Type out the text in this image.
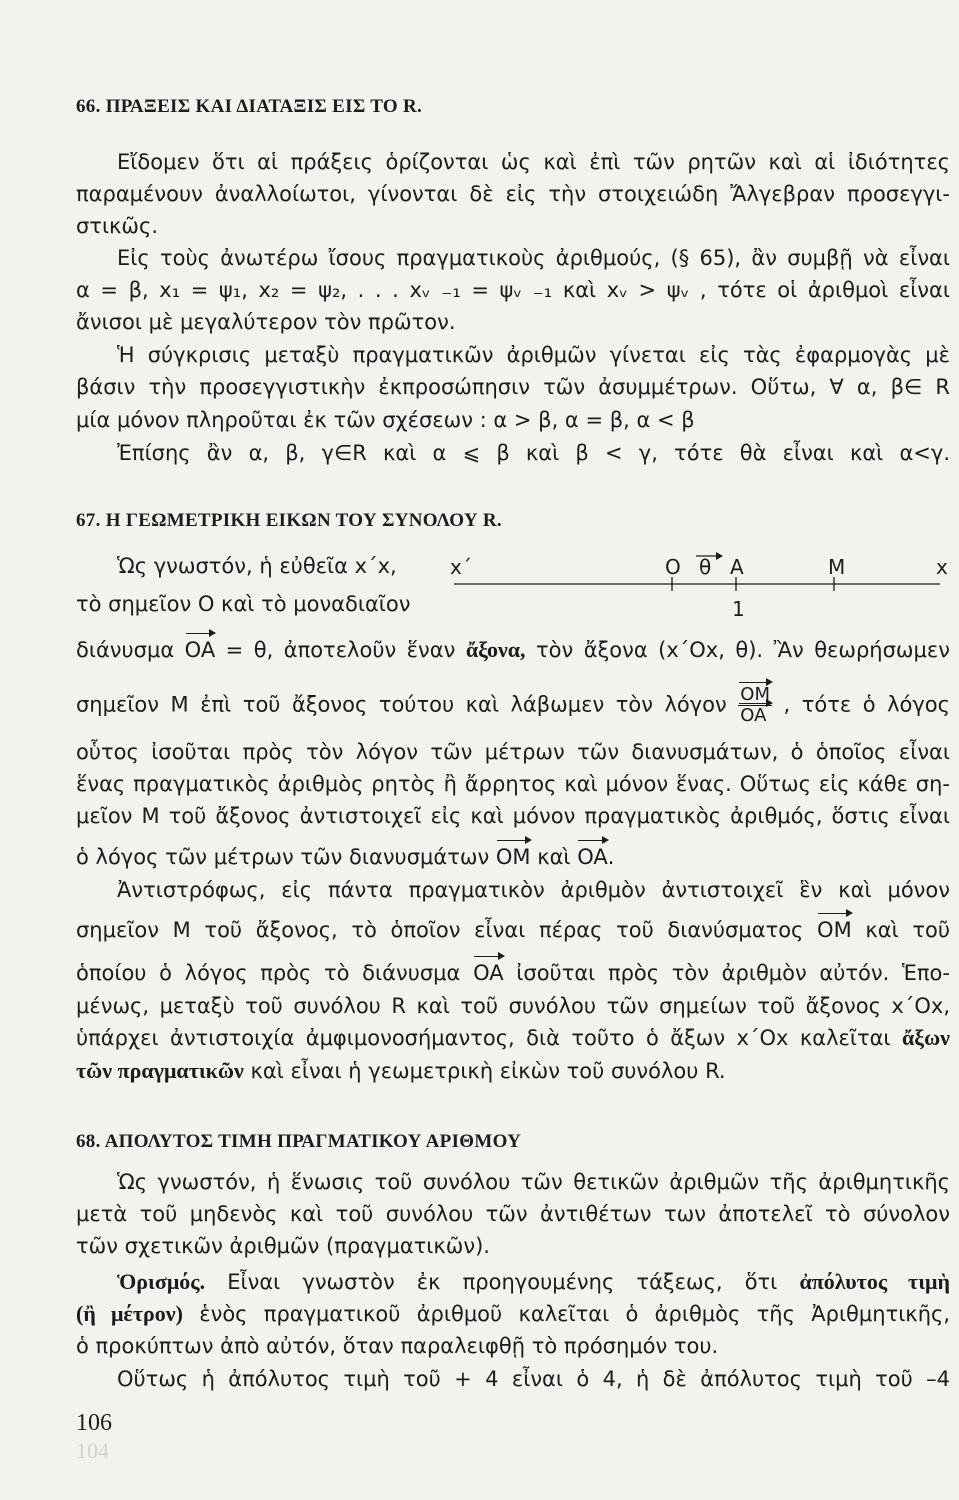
66. ΠΡΑΞΕΙΣ ΚΑΙ ΔΙΑΤΑΞΙΣ ΕΙΣ ΤΟ R.
Εἴδομεν ὅτι αἱ πράξεις ὁρίζονται ὡς καὶ ἐπὶ τῶν ρητῶν καὶ αἱ ἰδιότητες
παραμένουν ἀναλλοίωτοι, γίνονται δὲ εἰς τὴν στοιχειώδη Ἄλγεβραν προσεγγι-
στικῶς.
Εἰς τοὺς ἀνωτέρω ἴσους πραγματικοὺς ἀριθμούς, (§ 65), ἂν συμβῇ νὰ εἶναι
α = β, x₁ = ψ₁, x₂ = ψ₂, . . . xᵥ ₋₁ = ψᵥ ₋₁ καὶ xᵥ > ψᵥ , τότε οἱ ἀριθμοὶ εἶναι
ἄνισοι μὲ μεγαλύτερον τὸν πρῶτον.
Ἡ σύγκρισις μεταξὺ πραγματικῶν ἀριθμῶν γίνεται εἰς τὰς ἐφαρμογὰς μὲ
βάσιν τὴν προσεγγιστικὴν ἐκπροσώπησιν τῶν ἀσυμμέτρων. Οὕτω, ∀ α, β∈ R
μία μόνον πληροῦται ἐκ τῶν σχέσεων : α > β, α = β, α < β
Ἐπίσης ἂν α, β, γ∈R καὶ α ⩽ β καὶ β < γ, τότε θὰ εἶναι καὶ α<γ.
67. Η ΓΕΩΜΕΤΡΙΚΗ ΕΙΚΩΝ ΤΟΥ ΣΥΝΟΛΟΥ R.
Ὡς γνωστόν, ἡ εὐθεῖα x΄x,
τὸ σημεῖον O καὶ τὸ μοναδιαῖον
x΄	x
O θ A	M
1
διάνυσμα OA = θ, ἀποτελοῦν ἕναν ἄξονα, τὸν ἄξονα (x΄Ox, θ). Ἂν θεωρήσωμεν
σημεῖον M ἐπὶ τοῦ ἄξονος τούτου καὶ λάβωμεν τὸν λόγον $\frac{OM}{OA}$ , τότε ὁ λόγος
οὗτος ἰσοῦται πρὸς τὸν λόγον τῶν μέτρων τῶν διανυσμάτων, ὁ ὁποῖος εἶναι
ἕνας πραγματικὸς ἀριθμὸς ρητὸς ἢ ἄρρητος καὶ μόνον ἕνας. Οὕτως εἰς κάθε ση-
μεῖον M τοῦ ἄξονος ἀντιστοιχεῖ εἰς καὶ μόνον πραγματικὸς ἀριθμός, ὅστις εἶναι
ὁ λόγος τῶν μέτρων τῶν διανυσμάτων OM καὶ OA.
Ἀντιστρόφως, εἰς πάντα πραγματικὸν ἀριθμὸν ἀντιστοιχεῖ ἓν καὶ μόνον
σημεῖον M τοῦ ἄξονος, τὸ ὁποῖον εἶναι πέρας τοῦ διανύσματος OM καὶ τοῦ
ὁποίου ὁ λόγος πρὸς τὸ διάνυσμα OA ἰσοῦται πρὸς τὸν ἀριθμὸν αὐτόν. Ἑπο-
μένως, μεταξὺ τοῦ συνόλου R καὶ τοῦ συνόλου τῶν σημείων τοῦ ἄξονος x΄Ox,
ὑπάρχει ἀντιστοιχία ἀμφιμονοσήμαντος, διὰ τοῦτο ὁ ἄξων x΄Ox καλεῖται ἄξων
τῶν πραγματικῶν καὶ εἶναι ἡ γεωμετρικὴ εἰκὼν τοῦ συνόλου R.
68. ΑΠΟΛΥΤΟΣ ΤΙΜΗ ΠΡΑΓΜΑΤΙΚΟΥ ΑΡΙΘΜΟΥ
Ὡς γνωστόν, ἡ ἕνωσις τοῦ συνόλου τῶν θετικῶν ἀριθμῶν τῆς ἀριθμητικῆς
μετὰ τοῦ μηδενὸς καὶ τοῦ συνόλου τῶν ἀντιθέτων των ἀποτελεῖ τὸ σύνολον
τῶν σχετικῶν ἀριθμῶν (πραγματικῶν).
Ὁρισμός. Εἶναι γνωστὸν ἐκ προηγουμένης τάξεως, ὅτι ἀπόλυτος τιμὴ
(ἢ μέτρον) ἑνὸς πραγματικοῦ ἀριθμοῦ καλεῖται ὁ ἀριθμὸς τῆς Ἀριθμητικῆς,
ὁ προκύπτων ἀπὸ αὐτόν, ὅταν παραλειφθῇ τὸ πρόσημόν του.
Οὕτως ἡ ἀπόλυτος τιμὴ τοῦ + 4 εἶναι ὁ 4, ἡ δὲ ἀπόλυτος τιμὴ τοῦ –4
106
104
